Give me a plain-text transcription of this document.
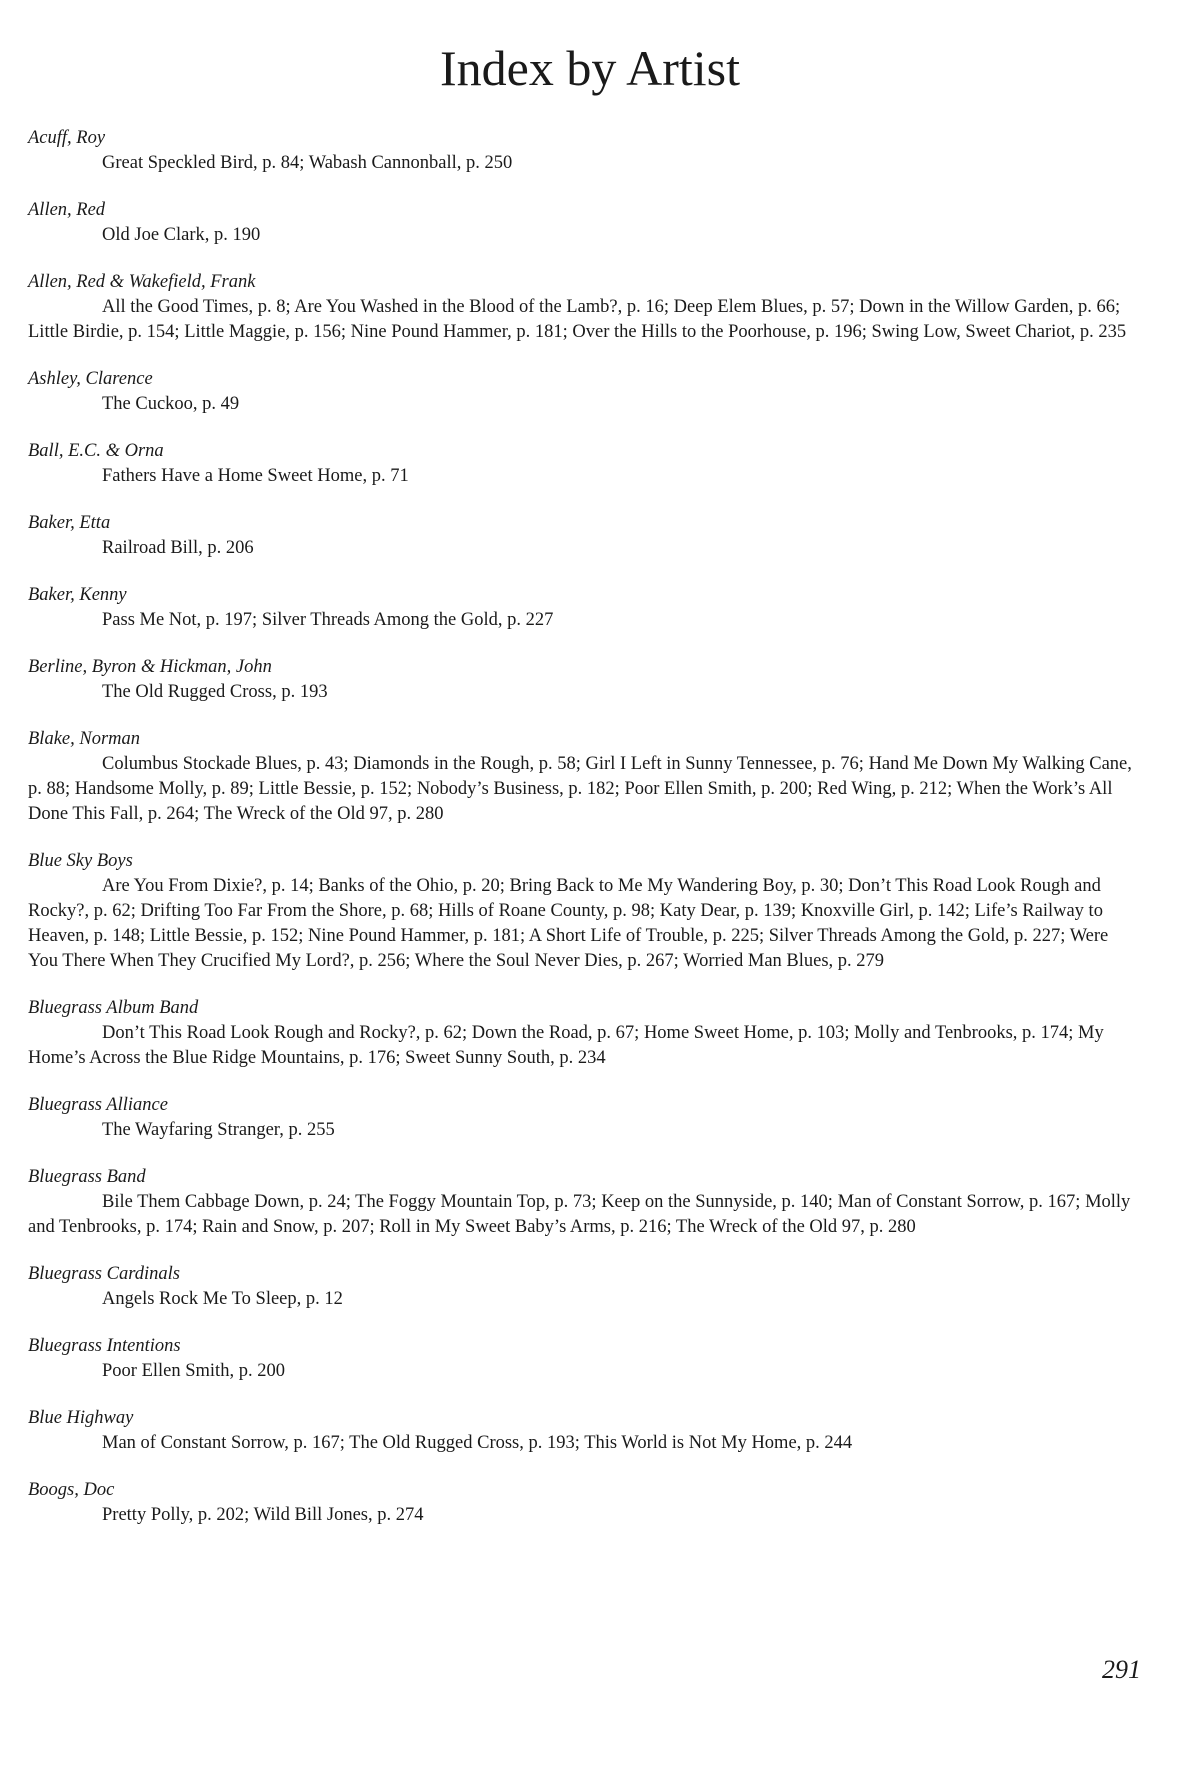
Index by Artist
Acuff, Roy

Great Speckled Bird, p. 84; Wabash Cannonball, p. 250

Allen, Red

Old Joe Clark, p. 190

Allen, Red & Wakefield, Frank

All the Good Times, p. 8; Are You Washed in the Blood of the Lamb?, p. 16; Deep Elem Blues, p. 57; Down in the Willow Garden, p. 66; Little Birdie, p. 154; Little Maggie, p. 156; Nine Pound Hammer, p. 181; Over the Hills to the Poorhouse, p. 196; Swing Low, Sweet Chariot, p. 235

Ashley, Clarence

The Cuckoo, p. 49

Ball, E.C. & Orna

Fathers Have a Home Sweet Home, p. 71

Baker, Etta

Railroad Bill, p. 206

Baker, Kenny

Pass Me Not, p. 197; Silver Threads Among the Gold, p. 227

Berline, Byron & Hickman, John

The Old Rugged Cross, p. 193

Blake, Norman

Columbus Stockade Blues, p. 43; Diamonds in the Rough, p. 58; Girl I Left in Sunny Tennessee, p. 76; Hand Me Down My Walking Cane, p. 88; Handsome Molly, p. 89; Little Bessie, p. 152; Nobody’s Business, p. 182; Poor Ellen Smith, p. 200; Red Wing, p. 212; When the Work’s All Done This Fall, p. 264; The Wreck of the Old 97, p. 280

Blue Sky Boys

Are You From Dixie?, p. 14; Banks of the Ohio, p. 20; Bring Back to Me My Wandering Boy, p. 30; Don’t This Road Look Rough and Rocky?, p. 62; Drifting Too Far From the Shore, p. 68; Hills of Roane County, p. 98; Katy Dear, p. 139; Knoxville Girl, p. 142; Life’s Railway to Heaven, p. 148; Little Bessie, p. 152; Nine Pound Hammer, p. 181; A Short Life of Trouble, p. 225; Silver Threads Among the Gold, p. 227; Were You There When They Crucified My Lord?, p. 256; Where the Soul Never Dies, p. 267; Worried Man Blues, p. 279

Bluegrass Album Band

Don’t This Road Look Rough and Rocky?, p. 62; Down the Road, p. 67; Home Sweet Home, p. 103; Molly and Tenbrooks, p. 174; My Home’s Across the Blue Ridge Mountains, p. 176; Sweet Sunny South, p. 234

Bluegrass Alliance

The Wayfaring Stranger, p. 255

Bluegrass Band

Bile Them Cabbage Down, p. 24; The Foggy Mountain Top, p. 73; Keep on the Sunnyside, p. 140; Man of Constant Sorrow, p. 167; Molly and Tenbrooks, p. 174; Rain and Snow, p. 207; Roll in My Sweet Baby’s Arms, p. 216; The Wreck of the Old 97, p. 280

Bluegrass Cardinals

Angels Rock Me To Sleep, p. 12

Bluegrass Intentions

Poor Ellen Smith, p. 200

Blue Highway

Man of Constant Sorrow, p. 167; The Old Rugged Cross, p. 193; This World is Not My Home, p. 244

Boogs, Doc

Pretty Polly, p. 202; Wild Bill Jones, p. 274

291
